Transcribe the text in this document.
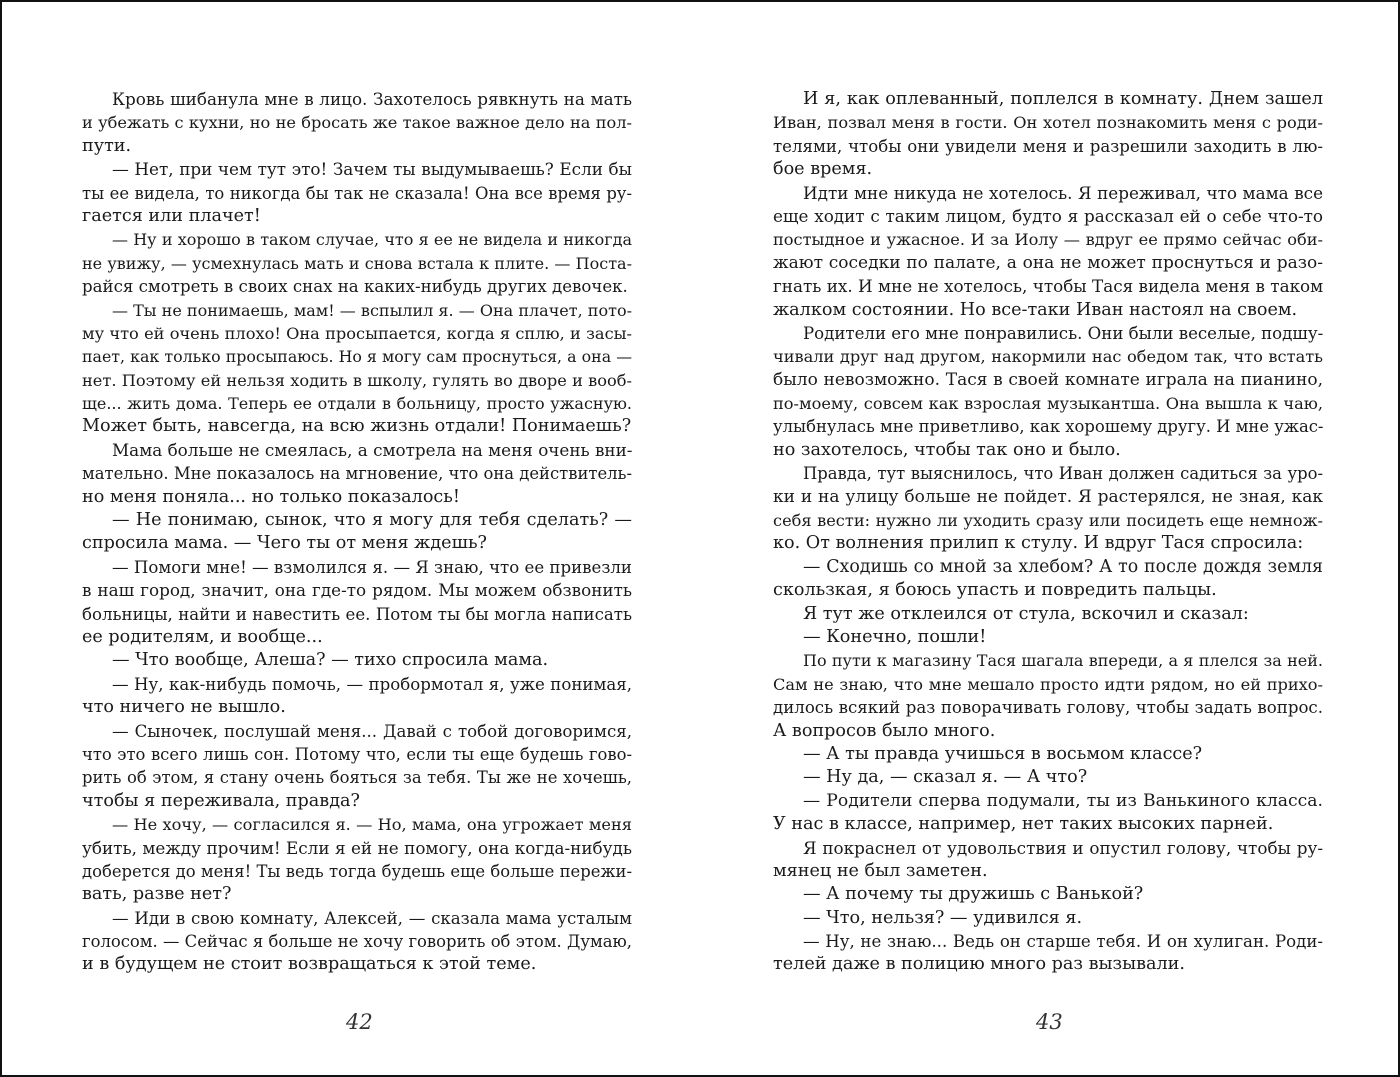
Кровь шибанула мне в лицо. Захотелось рявкнуть на мать
и убежать с кухни, но не бросать же такое важное дело на пол-
пути.
— Нет, при чем тут это! Зачем ты выдумываешь? Если бы
ты ее видела, то никогда бы так не сказала! Она все время ру-
гается или плачет!
— Ну и хорошо в таком случае, что я ее не видела и никогда
не увижу, — усмехнулась мать и снова встала к плите. — Поста-
райся смотреть в своих снах на каких-нибудь других девочек.
— Ты не понимаешь, мам! — вспылил я. — Она плачет, пото-
му что ей очень плохо! Она просыпается, когда я сплю, и засы-
пает, как только просыпаюсь. Но я могу сам проснуться, а она —
нет. Поэтому ей нельзя ходить в школу, гулять во дворе и вооб-
ще... жить дома. Теперь ее отдали в больницу, просто ужасную.
Может быть, навсегда, на всю жизнь отдали! Понимаешь?
Мама больше не смеялась, а смотрела на меня очень вни-
мательно. Мне показалось на мгновение, что она действитель-
но меня поняла... но только показалось!
— Не понимаю, сынок, что я могу для тебя сделать? —
спросила мама. — Чего ты от меня ждешь?
— Помоги мне! — взмолился я. — Я знаю, что ее привезли
в наш город, значит, она где-то рядом. Мы можем обзвонить
больницы, найти и навестить ее. Потом ты бы могла написать
ее родителям, и вообще...
— Что вообще, Алеша? — тихо спросила мама.
— Ну, как-нибудь помочь, — пробормотал я, уже понимая,
что ничего не вышло.
— Сыночек, послушай меня... Давай с тобой договоримся,
что это всего лишь сон. Потому что, если ты еще будешь гово-
рить об этом, я стану очень бояться за тебя. Ты же не хочешь,
чтобы я переживала, правда?
— Не хочу, — согласился я. — Но, мама, она угрожает меня
убить, между прочим! Если я ей не помогу, она когда-нибудь
доберется до меня! Ты ведь тогда будешь еще больше пережи-
вать, разве нет?
— Иди в свою комнату, Алексей, — сказала мама усталым
голосом. — Сейчас я больше не хочу говорить об этом. Думаю,
и в будущем не стоит возвращаться к этой теме.
И я, как оплеванный, поплелся в комнату. Днем зашел
Иван, позвал меня в гости. Он хотел познакомить меня с роди-
телями, чтобы они увидели меня и разрешили заходить в лю-
бое время.
Идти мне никуда не хотелось. Я переживал, что мама все
еще ходит с таким лицом, будто я рассказал ей о себе что-то
постыдное и ужасное. И за Иолу — вдруг ее прямо сейчас оби-
жают соседки по палате, а она не может проснуться и разо-
гнать их. И мне не хотелось, чтобы Тася видела меня в таком
жалком состоянии. Но все-таки Иван настоял на своем.
Родители его мне понравились. Они были веселые, подшу-
чивали друг над другом, накормили нас обедом так, что встать
было невозможно. Тася в своей комнате играла на пианино,
по-моему, совсем как взрослая музыкантша. Она вышла к чаю,
улыбнулась мне приветливо, как хорошему другу. И мне ужас-
но захотелось, чтобы так оно и было.
Правда, тут выяснилось, что Иван должен садиться за уро-
ки и на улицу больше не пойдет. Я растерялся, не зная, как
себя вести: нужно ли уходить сразу или посидеть еще немнож-
ко. От волнения прилип к стулу. И вдруг Тася спросила:
— Сходишь со мной за хлебом? А то после дождя земля
скользкая, я боюсь упасть и повредить пальцы.
Я тут же отклеился от стула, вскочил и сказал:
— Конечно, пошли!
По пути к магазину Тася шагала впереди, а я плелся за ней.
Сам не знаю, что мне мешало просто идти рядом, но ей прихо-
дилось всякий раз поворачивать голову, чтобы задать вопрос.
А вопросов было много.
— А ты правда учишься в восьмом классе?
— Ну да, — сказал я. — А что?
— Родители сперва подумали, ты из Ванькиного класса.
У нас в классе, например, нет таких высоких парней.
Я покраснел от удовольствия и опустил голову, чтобы ру-
мянец не был заметен.
— А почему ты дружишь с Ванькой?
— Что, нельзя? — удивился я.
— Ну, не знаю... Ведь он старше тебя. И он хулиган. Роди-
телей даже в полицию много раз вызывали.
42	43
